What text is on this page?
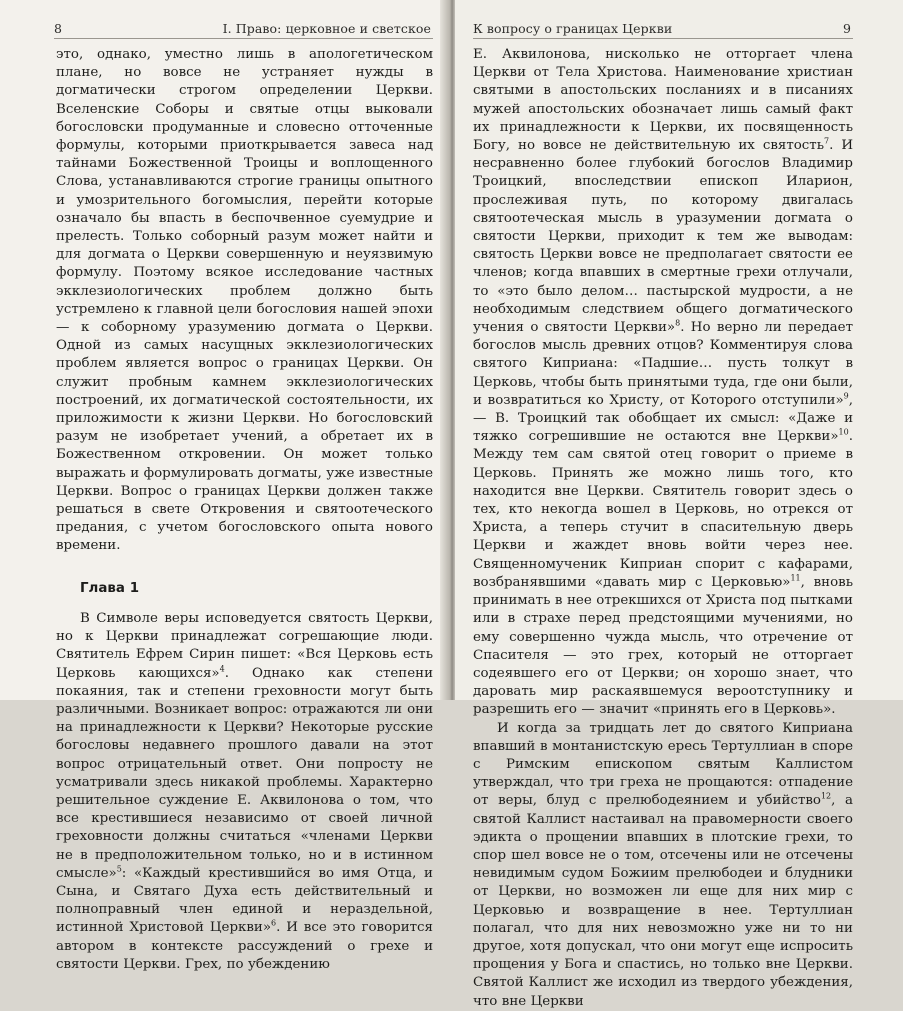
8	I. Право: церковное и светское

это, однако, уместно лишь в апологетическом плане, но вовсе не устраняет нужды в догматически строгом определении Церкви. Вселенские Соборы и святые отцы выковали богословски продуманные и словесно отточенные формулы, которыми приоткрывается завеса над тайнами Божественной Троицы и воплощенного Слова, устанавливаются строгие границы опытного и умозрительного богомыслия, перейти которые означало бы впасть в беспочвенное суемудрие и прелесть. Только соборный разум может найти и для догмата о Церкви совершенную и неуязвимую формулу. Поэтому всякое исследование частных экклезиологических проблем должно быть устремлено к главной цели богословия нашей эпохи — к соборному уразумению догмата о Церкви. Одной из самых насущных экклезиологических проблем является вопрос о границах Церкви. Он служит пробным камнем экклезиологических построений, их догматической состоятельности, их приложимости к жизни Церкви. Но богословский разум не изобретает учений, а обретает их в Божественном откровении. Он может только выражать и формулировать догматы, уже известные Церкви. Вопрос о границах Церкви должен также решаться в свете Откровения и святоотеческого предания, с учетом богословского опыта нового времени.

Глава 1

В Символе веры исповедуется святость Церкви, но к Церкви принадлежат согрешающие люди. Святитель Ефрем Сирин пишет: «Вся Церковь есть Церковь кающихся»$^4$. Однако как степени покаяния, так и степени греховности могут быть различными. Возникает вопрос: отражаются ли они на принадлежности к Церкви? Некоторые русские богословы недавнего прошлого давали на этот вопрос отрицательный ответ. Они попросту не усматривали здесь никакой проблемы. Характерно решительное суждение Е. Аквилонова о том, что все крестившиеся независимо от своей личной греховности должны считаться «членами Церкви не в предположительном только, но и в истинном смысле»$^5$: «Каждый крестившийся во имя Отца, и Сына, и Святаго Духа есть действительный и полноправный член единой и нераздельной, истинной Христовой Церкви»$^6$. И все это говорится автором в контексте рассуждений о грехе и святости Церкви. Грех, по убеждению

К вопросу о границах Церкви	9

Е. Аквилонова, нисколько не отторгает члена Церкви от Тела Христова. Наименование христиан святыми в апостольских посланиях и в писаниях мужей апостольских обозначает лишь самый факт их принадлежности к Церкви, их посвященность Богу, но вовсе не действительную их святость$^7$. И несравненно более глубокий богослов Владимир Троицкий, впоследствии епископ Иларион, прослеживая путь, по которому двигалась святоотеческая мысль в уразумении догмата о святости Церкви, приходит к тем же выводам: святость Церкви вовсе не предполагает святости ее членов; когда впавших в смертные грехи отлучали, то «это было делом… пастырской мудрости, а не необходимым следствием общего догматического учения о святости Церкви»$^8$. Но верно ли передает богослов мысль древних отцов? Комментируя слова святого Киприана: «Падшие… пусть толкут в Церковь, чтобы быть принятыми туда, где они были, и возвратиться ко Христу, от Которого отступили»$^9$, — В. Троицкий так обобщает их смысл: «Даже и тяжко согрешившие не остаются вне Церкви»$^{10}$. Между тем сам святой отец говорит о приеме в Церковь. Принять же можно лишь того, кто находится вне Церкви. Святитель говорит здесь о тех, кто некогда вошел в Церковь, но отрекся от Христа, а теперь стучит в спасительную дверь Церкви и жаждет вновь войти через нее. Священномученик Киприан спорит с кафарами, возбранявшими «давать мир с Церковью»$^{11}$, вновь принимать в нее отрекшихся от Христа под пытками или в страхе перед предстоящими мучениями, но ему совершенно чужда мысль, что отречение от Спасителя — это грех, который не отторгает содеявшего его от Церкви; он хорошо знает, что даровать мир раскаявшемуся вероотступнику и разрешить его — значит «принять его в Церковь».

И когда за тридцать лет до святого Киприана впавший в монтанистскую ересь Тертуллиан в споре с Римским епископом святым Каллистом утверждал, что три греха не прощаются: отпадение от веры, блуд с прелюбодеянием и убийство$^{12}$, а святой Каллист настаивал на правомерности своего эдикта о прощении впавших в плотские грехи, то спор шел вовсе не о том, отсечены или не отсечены невидимым судом Божиим прелюбодеи и блудники от Церкви, но возможен ли еще для них мир с Церковью и возвращение в нее. Тертуллиан полагал, что для них невозможно уже ни то ни другое, хотя допускал, что они могут еще испросить прощения у Бога и спастись, но только вне Церкви. Святой Каллист же исходил из твердого убеждения, что вне Церкви
